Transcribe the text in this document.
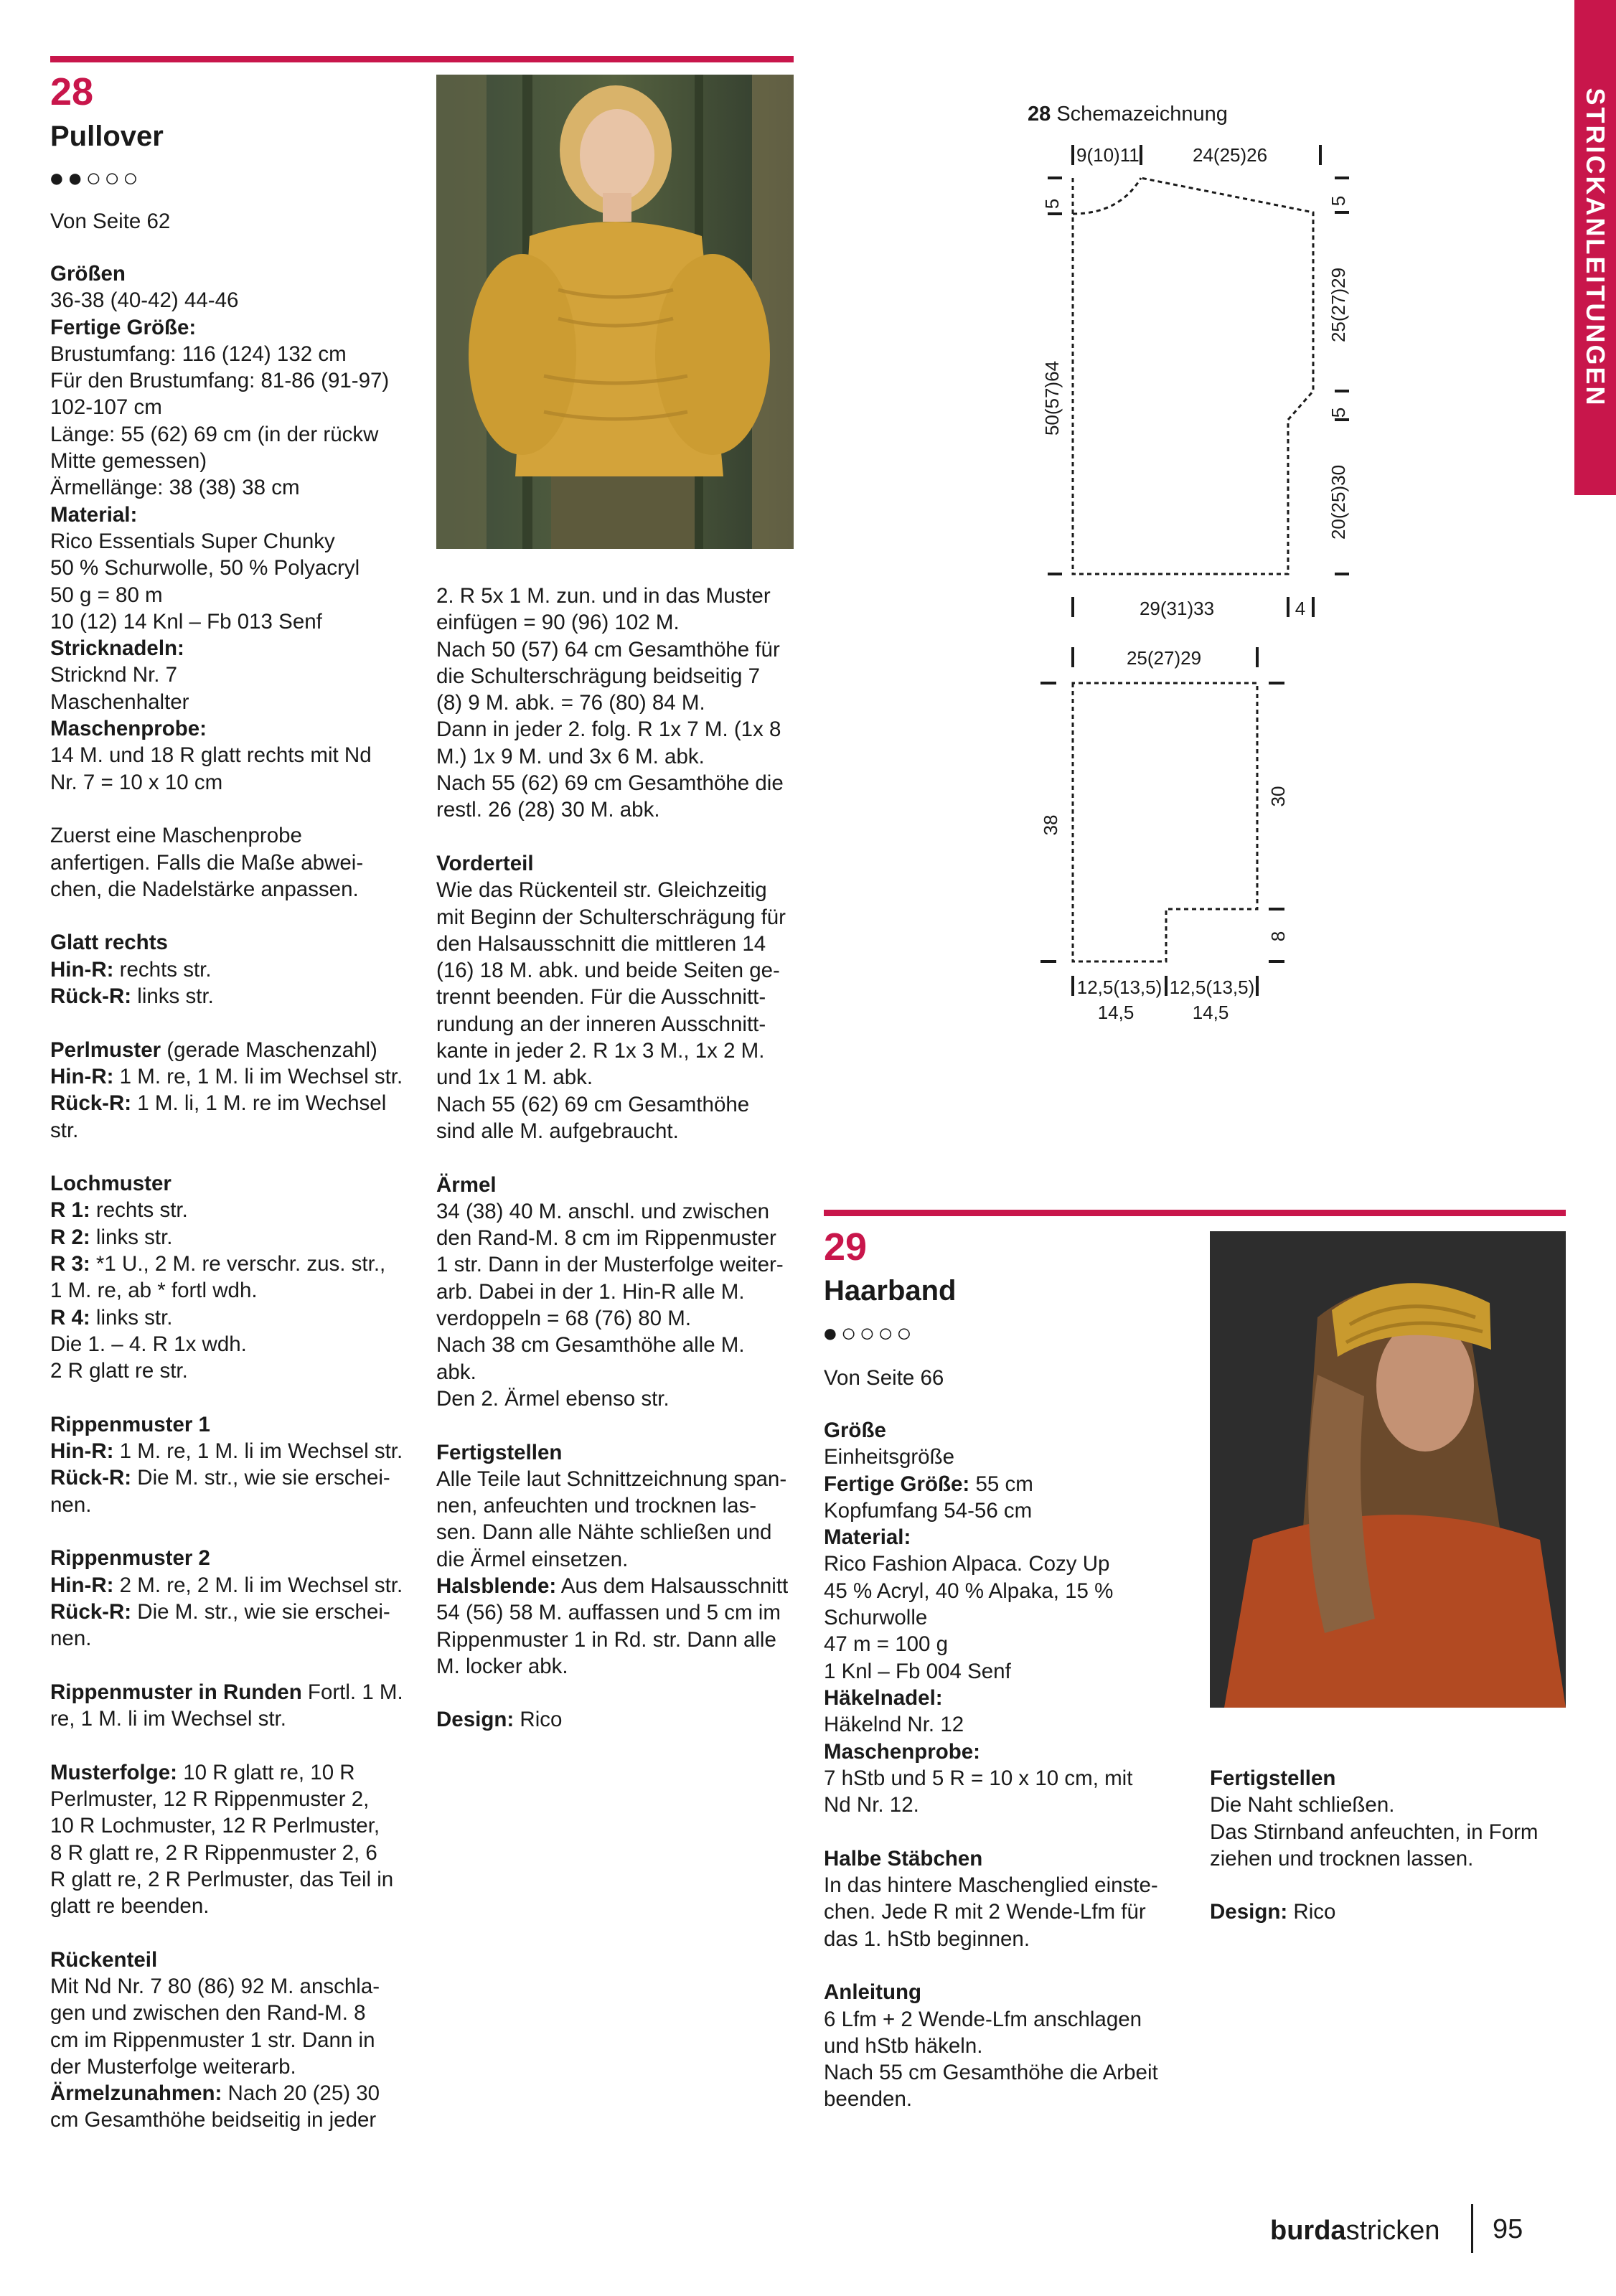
STRICKANLEITUNGEN
28
Pullover
●●○○○
Von Seite 62

Größen

36-38 (40-42) 44-46

Fertige Größe:

Brustumfang: 116 (124) 132 cm

Für den Brustumfang: 81-86 (91-97)

102-107 cm

Länge: 55 (62) 69 cm (in der rückw

Mitte gemessen)

Ärmellänge: 38 (38) 38 cm

Material:

Rico Essentials Super Chunky

50 % Schurwolle, 50 % Polyacryl

50 g = 80 m

10 (12) 14 Knl – Fb 013 Senf

Stricknadeln:

Stricknd Nr. 7

Maschenhalter

Maschenprobe:

14 M. und 18 R glatt rechts mit Nd

Nr. 7 = 10 x 10 cm

Zuerst eine Maschenprobe

anfertigen. Falls die Maße abwei-

chen, die Nadelstärke anpassen.

Glatt rechts

Hin-R: rechts str.

Rück-R: links str.

Perlmuster (gerade Maschenzahl)

Hin-R: 1 M. re, 1 M. li im Wechsel str.

Rück-R: 1 M. li, 1 M. re im Wechsel

str.

Lochmuster

R 1: rechts str.

R 2: links str.

R 3: *1 U., 2 M. re verschr. zus. str.,

1 M. re, ab * fortl wdh.

R 4: links str.

Die 1. – 4. R 1x wdh.

2 R glatt re str.

Rippenmuster 1

Hin-R: 1 M. re, 1 M. li im Wechsel str.

Rück-R: Die M. str., wie sie erschei-

nen.

Rippenmuster 2

Hin-R: 2 M. re, 2 M. li im Wechsel str.

Rück-R: Die M. str., wie sie erschei-

nen.

Rippenmuster in Runden Fortl. 1 M.

re, 1 M. li im Wechsel str.

Musterfolge: 10 R glatt re, 10 R

Perlmuster, 12 R Rippenmuster 2,

10 R Lochmuster, 12 R Perlmuster,

8 R glatt re, 2 R Rippenmuster 2, 6

R glatt re, 2 R Perlmuster, das Teil in

glatt re beenden.

Rückenteil

Mit Nd Nr. 7 80 (86) 92 M. anschla-

gen und zwischen den Rand-M. 8

cm im Rippenmuster 1 str. Dann in

der Musterfolge weiterarb.

Ärmelzunahmen: Nach 20 (25) 30

cm Gesamthöhe beidseitig in jeder

2. R 5x 1 M. zun. und in das Muster

einfügen = 90 (96) 102 M.

Nach 50 (57) 64 cm Gesamthöhe für

die Schulterschrägung beidseitig 7

(8) 9 M. abk. = 76 (80) 84 M.

Dann in jeder 2. folg. R 1x 7 M. (1x 8

M.) 1x 9 M. und 3x 6 M. abk.

Nach 55 (62) 69 cm Gesamthöhe die

restl. 26 (28) 30 M. abk.

Vorderteil

Wie das Rückenteil str. Gleichzeitig

mit Beginn der Schulterschrägung für

den Halsausschnitt die mittleren 14

(16) 18 M. abk. und beide Seiten ge-

trennt beenden. Für die Ausschnitt-

rundung an der inneren Ausschnitt-

kante in jeder 2. R 1x 3 M., 1x 2 M.

und 1x 1 M. abk.

Nach 55 (62) 69 cm Gesamthöhe

sind alle M. aufgebraucht.

Ärmel

34 (38) 40 M. anschl. und zwischen

den Rand-M. 8 cm im Rippenmuster

1 str. Dann in der Musterfolge weiter-

arb. Dabei in der 1. Hin-R alle M.

verdoppeln = 68 (76) 80 M.

Nach 38 cm Gesamthöhe alle M.

abk.

Den 2. Ärmel ebenso str.

Fertigstellen

Alle Teile laut Schnittzeichnung span-

nen, anfeuchten und trocknen las-

sen. Dann alle Nähte schließen und

die Ärmel einsetzen.

Halsblende: Aus dem Halsausschnitt

54 (56) 58 M. auffassen und 5 cm im

Rippenmuster 1 in Rd. str. Dann alle

M. locker abk.

Design: Rico

28 Schemazeichnung
9(10)11	24(25)26
5	5
50(57)64
25(27)29
5
20(25)30
29(31)33	4
25(27)29
38
30
8
12,5(13,5)
14,5
12,5(13,5)
14,5
29
Haarband
●○○○○
Von Seite 66

Größe

Einheitsgröße

Fertige Größe: 55 cm

Kopfumfang 54-56 cm

Material:

Rico Fashion Alpaca. Cozy Up

45 % Acryl, 40 % Alpaka, 15 %

Schurwolle

47 m = 100 g

1 Knl – Fb 004 Senf

Häkelnadel:

Häkelnd Nr. 12

Maschenprobe:

7 hStb und 5 R = 10 x 10 cm, mit

Nd Nr. 12.

Halbe Stäbchen

In das hintere Maschenglied einste-

chen. Jede R mit 2 Wende-Lfm für

das 1. hStb beginnen.

Anleitung

6 Lfm + 2 Wende-Lfm anschlagen

und hStb häkeln.

Nach 55 cm Gesamthöhe die Arbeit

beenden.

Fertigstellen

Die Naht schließen.

Das Stirnband anfeuchten, in Form

ziehen und trocknen lassen.

Design: Rico

burdastricken 95
